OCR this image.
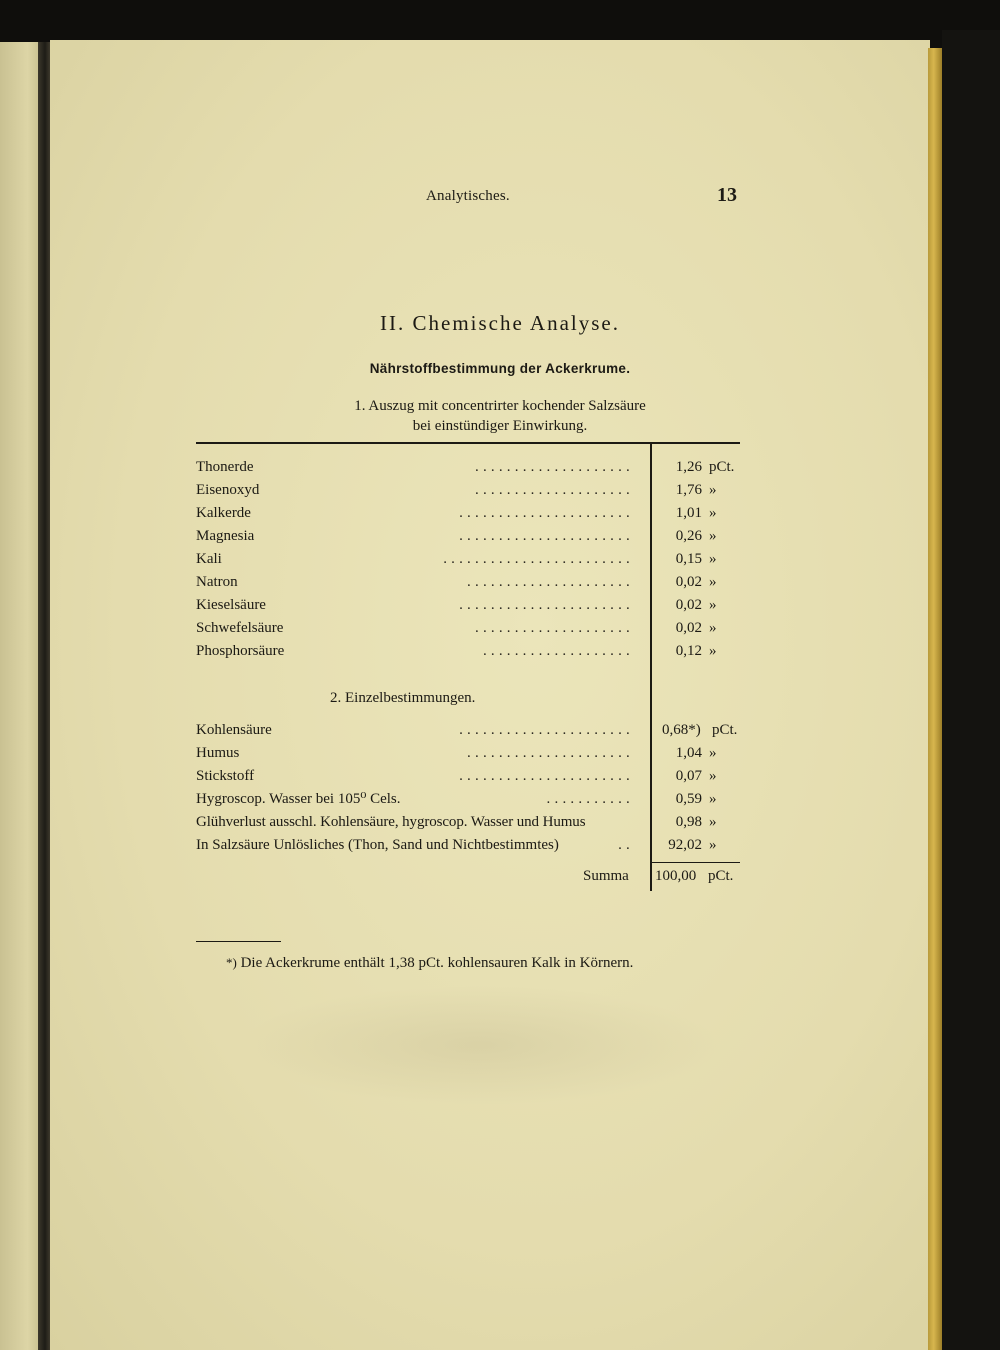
Analytisches.	13
II. Chemische Analyse.
Nährstoffbestimmung der Ackerkrume.
1. Auszug mit concentrirter kochender Salzsäure
bei einstündiger Einwirkung.
Thonerde	....................	1,26 pCt.
Eisenoxyd	....................	1,76 »
Kalkerde	......................	1,01 »
Magnesia	......................	0,26 »
Kali	........................	0,15 »
Natron	.....................	0,02 »
Kieselsäure	......................	0,02 »
Schwefelsäure	....................	0,02 »
Phosphorsäure	...................	0,12 »
2. Einzelbestimmungen.
Kohlensäure	...................... 0,68*) pCt.
Humus	.....................	1,04 »
Stickstoff	......................	0,07 »
Hygroscop. Wasser bei 105⁰ Cels.	...........	0,59 »
Glühverlust ausschl. Kohlensäure, hygroscop. Wasser und Humus	0,98 »
In Salzsäure Unlösliches (Thon, Sand und Nichtbestimmtes)	..	92,02 »
Summa 100,00 pCt.
*) Die Ackerkrume enthält 1,38 pCt. kohlensauren Kalk in Körnern.
